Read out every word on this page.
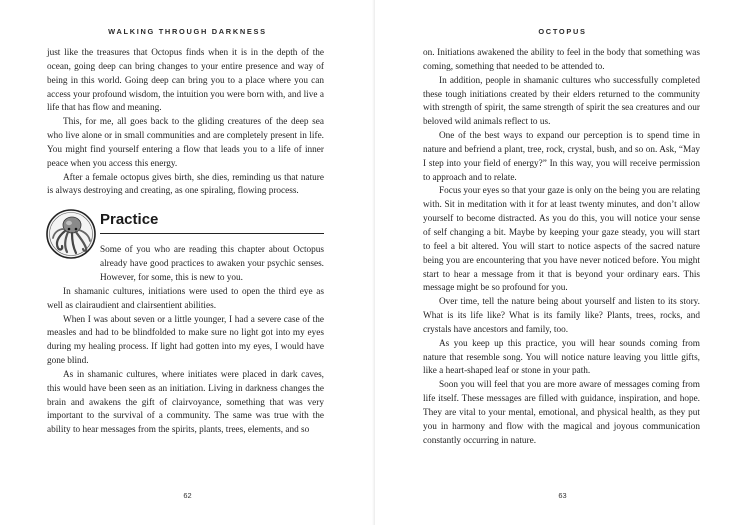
WALKING THROUGH DARKNESS

just like the treasures that Octopus finds when it is in the depth of the ocean, going deep can bring changes to your entire presence and way of being in this world. Going deep can bring you to a place where you can access your profound wisdom, the intuition you were born with, and live a life that has flow and meaning.

This, for me, all goes back to the gliding creatures of the deep sea who live alone or in small communities and are completely present in life. You might find yourself entering a flow that leads you to a life of inner peace when you access this energy.

After a female octopus gives birth, she dies, reminding us that nature is always destroying and creating, as one spiraling, flowing process.

Practice

Some of you who are reading this chapter about Octopus already have good practices to awaken your psychic senses. However, for some, this is new to you.

In shamanic cultures, initiations were used to open the third eye as well as clairaudient and clairsentient abilities.

When I was about seven or a little younger, I had a severe case of the measles and had to be blindfolded to make sure no light got into my eyes during my healing process. If light had gotten into my eyes, I would have gone blind.

As in shamanic cultures, where initiates were placed in dark caves, this would have been seen as an initiation. Living in darkness changes the brain and awakens the gift of clairvoyance, something that was very important to the survival of a community. The same was true with the ability to hear messages from the spirits, plants, trees, elements, and so

62
OCTOPUS

on. Initiations awakened the ability to feel in the body that something was coming, something that needed to be attended to.

In addition, people in shamanic cultures who successfully completed these tough initiations created by their elders returned to the community with strength of spirit, the same strength of spirit the sea creatures and our beloved wild animals reflect to us.

One of the best ways to expand our perception is to spend time in nature and befriend a plant, tree, rock, crystal, bush, and so on. Ask, “May I step into your field of energy?” In this way, you will receive permission to approach and to relate.

Focus your eyes so that your gaze is only on the being you are relating with. Sit in meditation with it for at least twenty minutes, and don’t allow yourself to become distracted. As you do this, you will notice your sense of self changing a bit. Maybe by keeping your gaze steady, you will start to feel a bit altered. You will start to notice aspects of the sacred nature being you are encountering that you have never noticed before. You might start to hear a message from it that is beyond your ordinary ears. This message might be so profound for you.

Over time, tell the nature being about yourself and listen to its story. What is its life like? What is its family like? Plants, trees, rocks, and crystals have ancestors and family, too.

As you keep up this practice, you will hear sounds coming from nature that resemble song. You will notice nature leaving you little gifts, like a heart-shaped leaf or stone in your path.

Soon you will feel that you are more aware of messages coming from life itself. These messages are filled with guidance, inspiration, and hope. They are vital to your mental, emotional, and physical health, as they put you in harmony and flow with the magical and joyous communication constantly occurring in nature.

63
